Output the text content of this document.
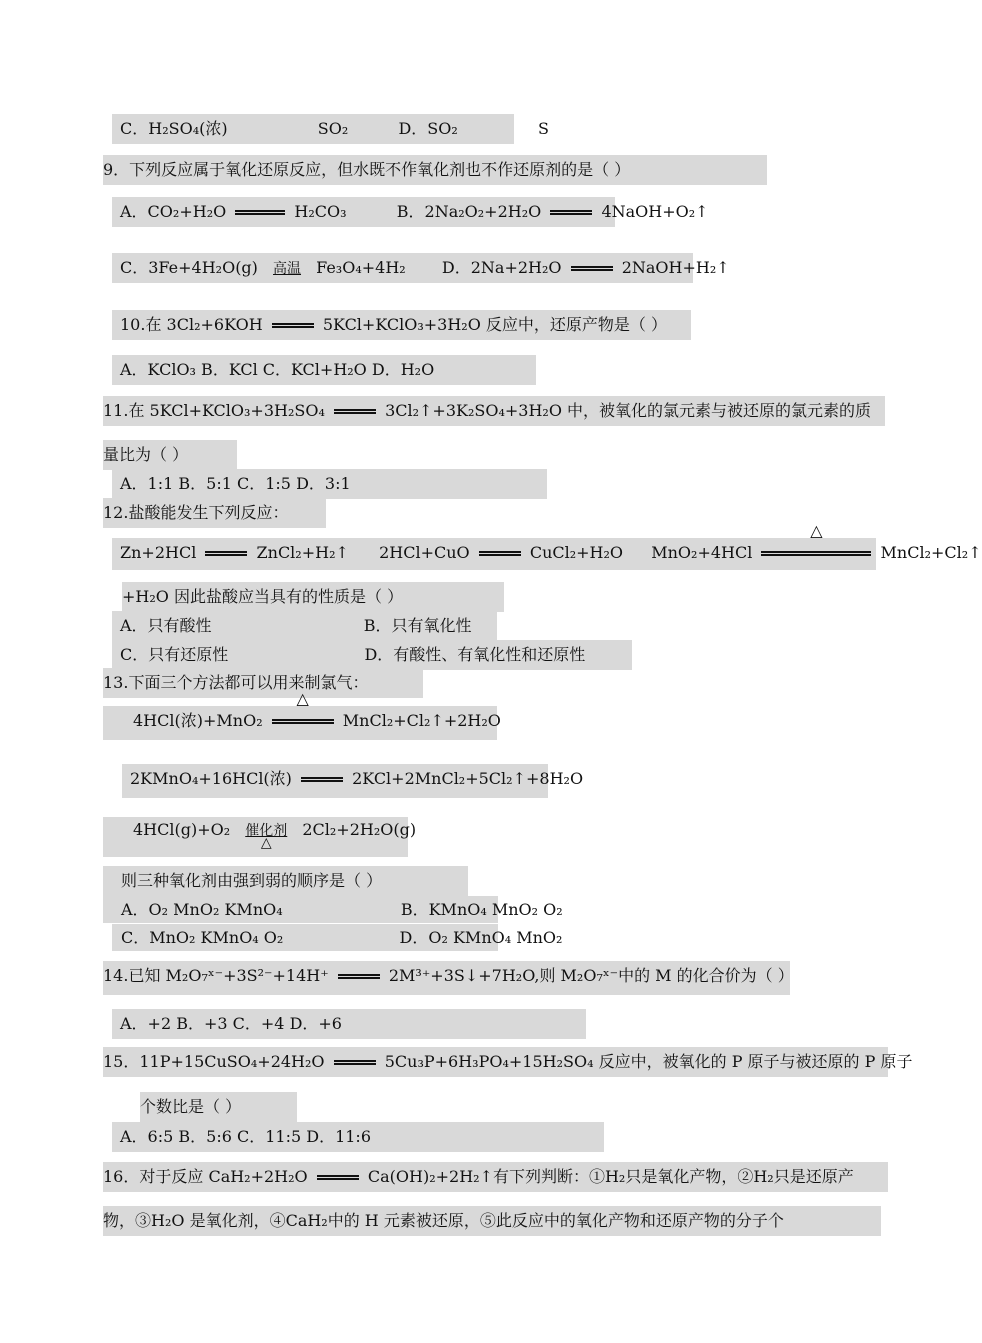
C．H₂SO₄(浓)	SO₂	D．SO₂	S
9．下列反应属于氧化还原反应，但水既不作氧化剂也不作还原剂的是（ ）
A．CO₂+H₂O	H₂CO₃	B．2Na₂O₂+2H₂O	4NaOH+O₂↑
C．3Fe+4H₂O(g) 高温 Fe₃O₄+4H₂ D．2Na+2H₂O	2NaOH+H₂↑
10.在 3Cl₂+6KOH	5KCl+KClO₃+3H₂O 反应中，还原产物是（ ）
A．KClO₃ B．KCl C．KCl+H₂O D．H₂O
11.在 5KCl+KClO₃+3H₂SO₄	3Cl₂↑+3K₂SO₄+3H₂O 中，被氧化的氯元素与被还原的氯元素的质
量比为（ ）
A．1:1 B．5:1 C．1:5 D．3:1
12.盐酸能发生下列反应：
Zn+2HCl	ZnCl₂+H₂↑ 2HCl+CuO	CuCl₂+H₂O MnO₂+4HCl
△
MnCl₂+Cl₂↑
+H₂O 因此盐酸应当具有的性质是（ ）
A．只有酸性	B．只有氧化性
C．只有还原性	D．有酸性、有氧化性和还原性
13.下面三个方法都可以用来制氯气：
4HCl(浓)+MnO₂
△
MnCl₂+Cl₂↑+2H₂O
2KMnO₄+16HCl(浓)	2KCl+2MnCl₂+5Cl₂↑+8H₂O
4HCl(g)+O₂ 催化剂
△
2Cl₂+2H₂O(g)
则三种氧化剂由强到弱的顺序是（ ）
A．O₂ MnO₂ KMnO₄	B．KMnO₄ MnO₂ O₂
C．MnO₂ KMnO₄ O₂	D．O₂ KMnO₄ MnO₂
14.已知 M₂O₇ˣ⁻+3S²⁻+14H⁺	2M³⁺+3S↓+7H₂O,则 M₂O₇ˣ⁻中的 M 的化合价为（ ）
A．+2 B．+3 C．+4 D．+6
15．11P+15CuSO₄+24H₂O	5Cu₃P+6H₃PO₄+15H₂SO₄ 反应中，被氧化的 P 原子与被还原的 P 原子
个数比是（ ）
A．6:5 B．5:6 C．11:5 D．11:6
16．对于反应 CaH₂+2H₂O	Ca(OH)₂+2H₂↑有下列判断：①H₂只是氧化产物，②H₂只是还原产
物，③H₂O 是氧化剂，④CaH₂中的 H 元素被还原，⑤此反应中的氧化产物和还原产物的分子个
